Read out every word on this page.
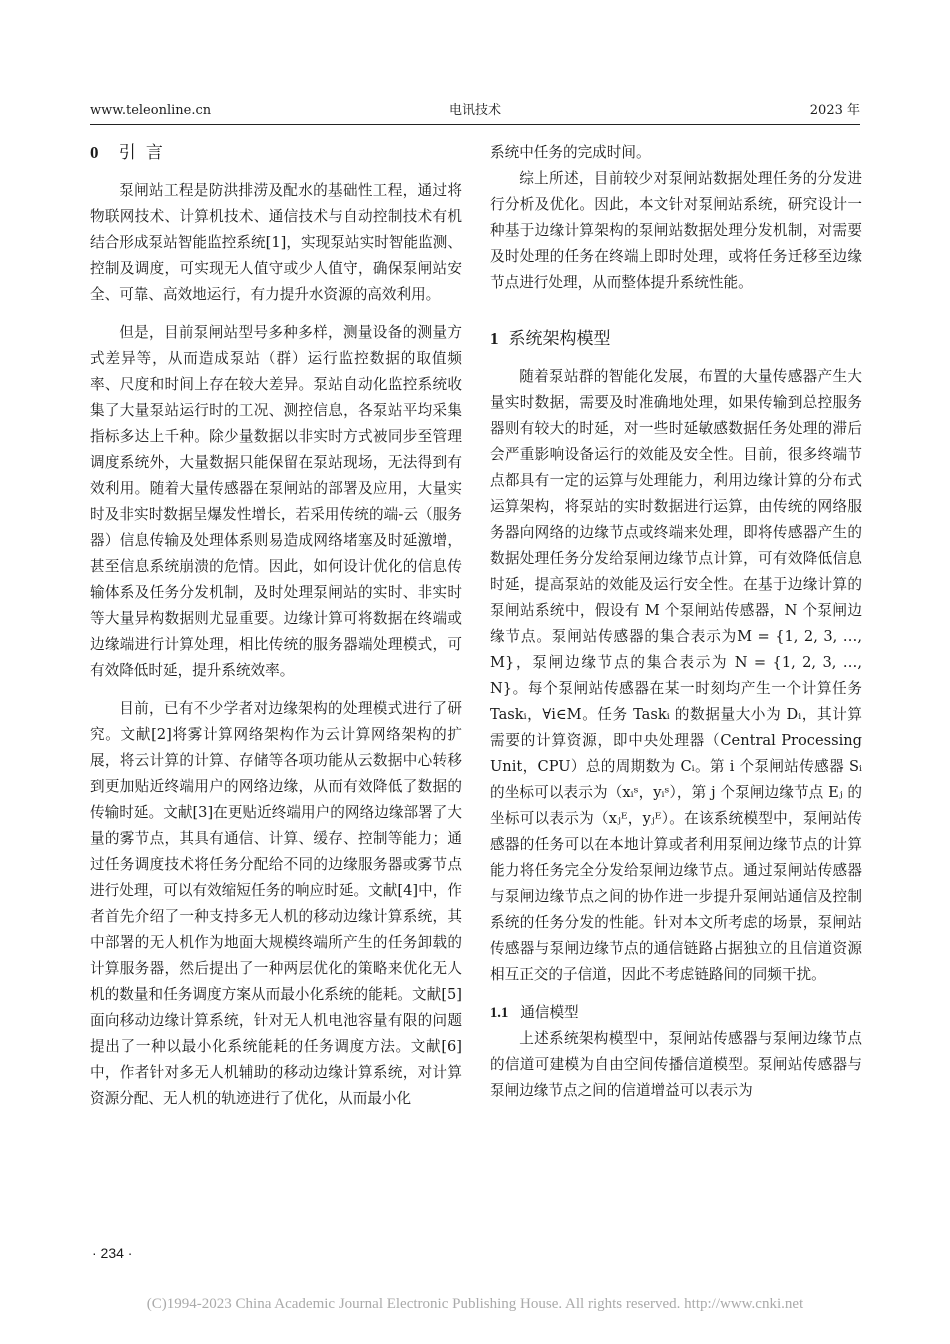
www.teleonline.cn	电讯技术	2023 年
0 引言

泵闸站工程是防洪排涝及配水的基础性工程，通过将物联网技术、计算机技术、通信技术与自动控制技术有机结合形成泵站智能监控系统[1]，实现泵站实时智能监测、控制及调度，可实现无人值守或少人值守，确保泵闸站安全、可靠、高效地运行，有力提升水资源的高效利用。

但是，目前泵闸站型号多种多样，测量设备的测量方式差异等，从而造成泵站（群）运行监控数据的取值频率、尺度和时间上存在较大差异。泵站自动化监控系统收集了大量泵站运行时的工况、测控信息，各泵站平均采集指标多达上千种。除少量数据以非实时方式被同步至管理调度系统外，大量数据只能保留在泵站现场，无法得到有效利用。随着大量传感器在泵闸站的部署及应用，大量实时及非实时数据呈爆发性增长，若采用传统的端-云（服务器）信息传输及处理体系则易造成网络堵塞及时延激增，甚至信息系统崩溃的危情。因此，如何设计优化的信息传输体系及任务分发机制，及时处理泵闸站的实时、非实时等大量异构数据则尤显重要。边缘计算可将数据在终端或边缘端进行计算处理，相比传统的服务器端处理模式，可有效降低时延，提升系统效率。

目前，已有不少学者对边缘架构的处理模式进行了研究。文献[2]将雾计算网络架构作为云计算网络架构的扩展，将云计算的计算、存储等各项功能从云数据中心转移到更加贴近终端用户的网络边缘，从而有效降低了数据的传输时延。文献[3]在更贴近终端用户的网络边缘部署了大量的雾节点，其具有通信、计算、缓存、控制等能力；通过任务调度技术将任务分配给不同的边缘服务器或雾节点进行处理，可以有效缩短任务的响应时延。文献[4]中，作者首先介绍了一种支持多无人机的移动边缘计算系统，其中部署的无人机作为地面大规模终端所产生的任务卸载的计算服务器，然后提出了一种两层优化的策略来优化无人机的数量和任务调度方案从而最小化系统的能耗。文献[5]面向移动边缘计算系统，针对无人机电池容量有限的问题提出了一种以最小化系统能耗的任务调度方法。文献[6]中，作者针对多无人机辅助的移动边缘计算系统，对计算资源分配、无人机的轨迹进行了优化，从而最小化

系统中任务的完成时间。

综上所述，目前较少对泵闸站数据处理任务的分发进行分析及优化。因此，本文针对泵闸站系统，研究设计一种基于边缘计算架构的泵闸站数据处理分发机制，对需要及时处理的任务在终端上即时处理，或将任务迁移至边缘节点进行处理，从而整体提升系统性能。

1 系统架构模型

随着泵站群的智能化发展，布置的大量传感器产生大量实时数据，需要及时准确地处理，如果传输到总控服务器则有较大的时延，对一些时延敏感数据任务处理的滞后会严重影响设备运行的效能及安全性。目前，很多终端节点都具有一定的运算与处理能力，利用边缘计算的分布式运算架构，将泵站的实时数据进行运算，由传统的网络服务器向网络的边缘节点或终端来处理，即将传感器产生的数据处理任务分发给泵闸边缘节点计算，可有效降低信息时延，提高泵站的效能及运行安全性。在基于边缘计算的泵闸站系统中，假设有 M 个泵闸站传感器，N 个泵闸边缘节点。泵闸站传感器的集合表示为M = {1, 2, 3, …, M}，泵闸边缘节点的集合表示为 N = {1, 2, 3, …, N}。每个泵闸站传感器在某一时刻均产生一个计算任务 Taskᵢ，∀i∈M。任务 Taskᵢ 的数据量大小为 Dᵢ，其计算需要的计算资源，即中央处理器（Central Processing Unit，CPU）总的周期数为 Cᵢ。第 i 个泵闸站传感器 Sᵢ 的坐标可以表示为（xᵢˢ，yᵢˢ），第 j 个泵闸边缘节点 Eⱼ 的坐标可以表示为（xⱼᴱ，yⱼᴱ）。在该系统模型中，泵闸站传感器的任务可以在本地计算或者利用泵闸边缘节点的计算能力将任务完全分发给泵闸边缘节点。通过泵闸站传感器与泵闸边缘节点之间的协作进一步提升泵闸站通信及控制系统的任务分发的性能。针对本文所考虑的场景，泵闸站传感器与泵闸边缘节点的通信链路占据独立的且信道资源相互正交的子信道，因此不考虑链路间的同频干扰。

1.1 通信模型

上述系统架构模型中，泵闸站传感器与泵闸边缘节点的信道可建模为自由空间传播信道模型。泵闸站传感器与泵闸边缘节点之间的信道增益可以表示为

· 234 ·
(C)1994-2023 China Academic Journal Electronic Publishing House. All rights reserved. http://www.cnki.net
